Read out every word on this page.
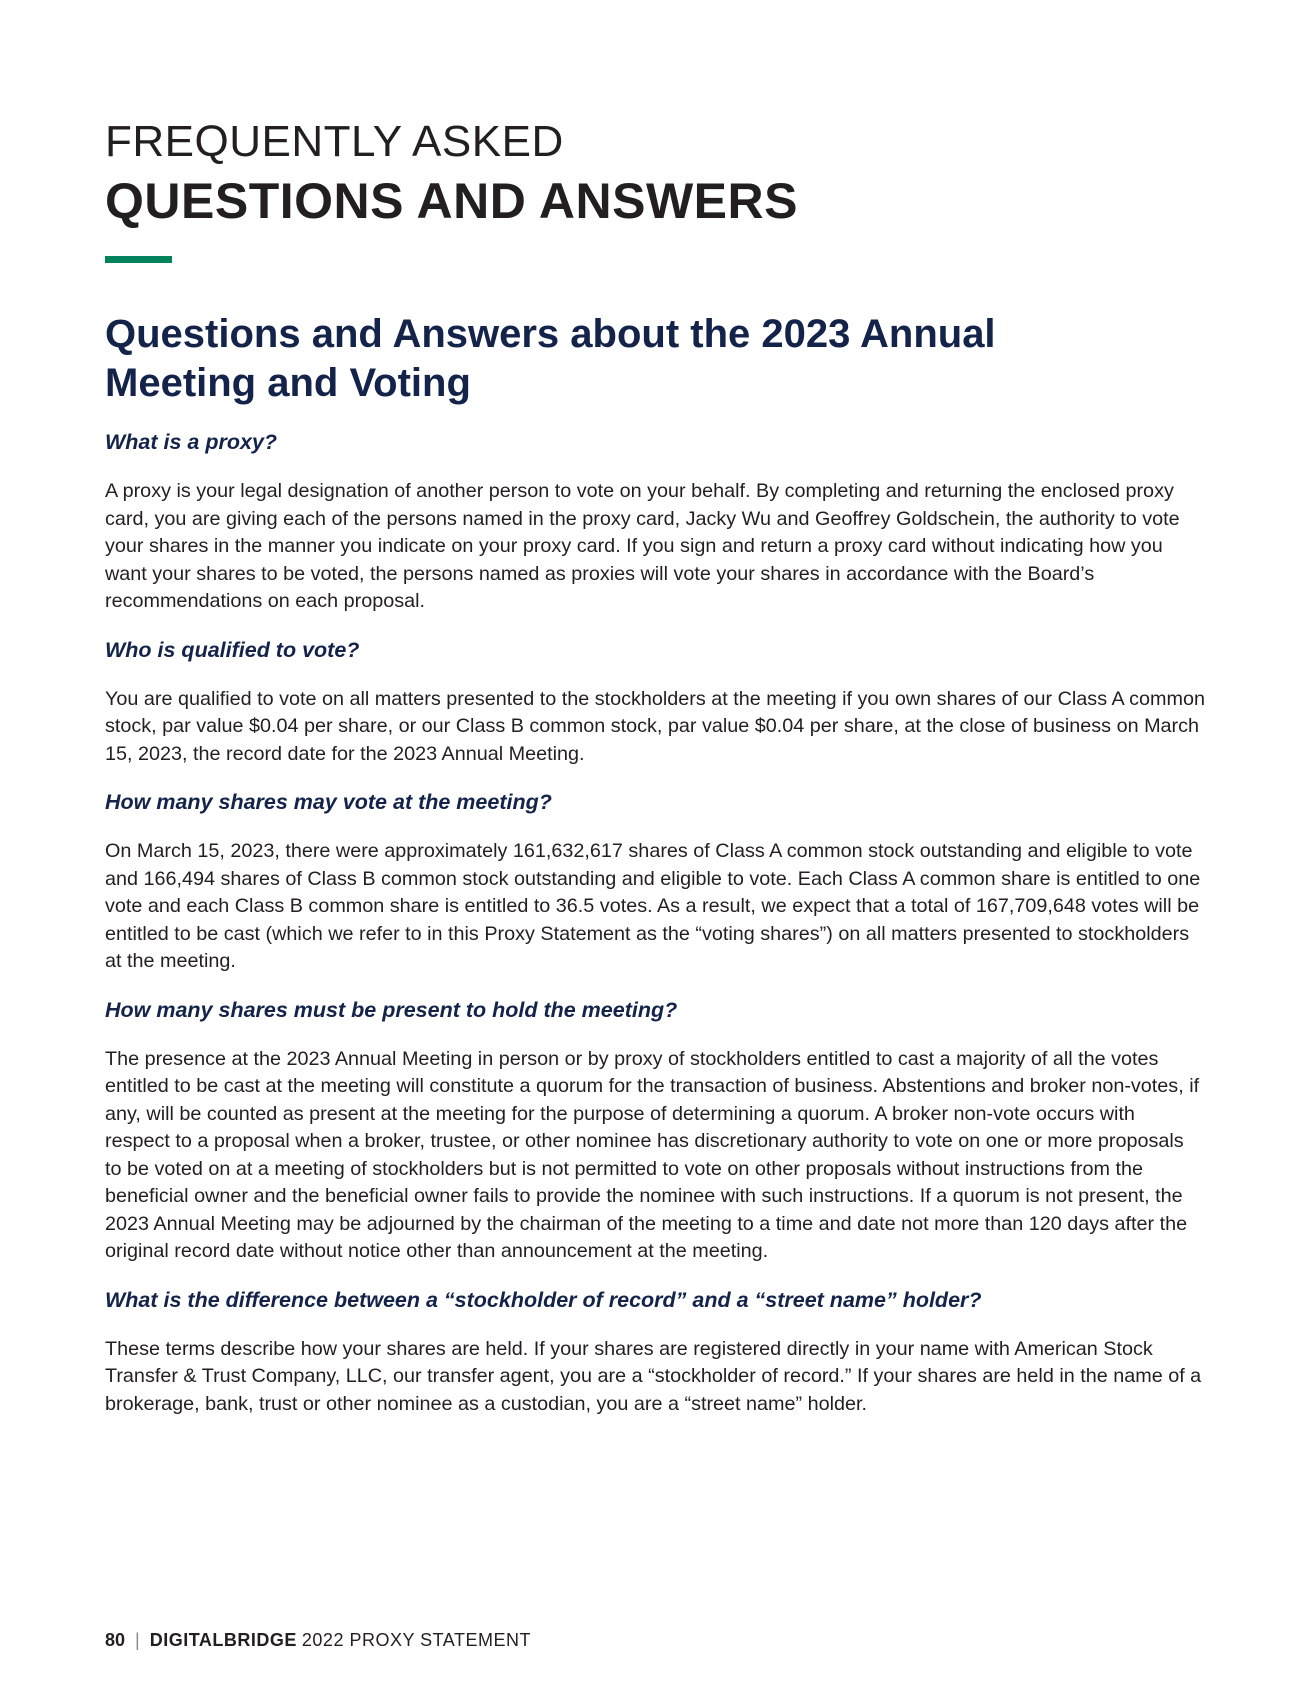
FREQUENTLY ASKED
QUESTIONS AND ANSWERS
Questions and Answers about the 2023 Annual Meeting and Voting
What is a proxy?

A proxy is your legal designation of another person to vote on your behalf. By completing and returning the enclosed proxy card, you are giving each of the persons named in the proxy card, Jacky Wu and Geoffrey Goldschein, the authority to vote your shares in the manner you indicate on your proxy card. If you sign and return a proxy card without indicating how you want your shares to be voted, the persons named as proxies will vote your shares in accordance with the Board’s recommendations on each proposal.

Who is qualified to vote?

You are qualified to vote on all matters presented to the stockholders at the meeting if you own shares of our Class A common stock, par value $0.04 per share, or our Class B common stock, par value $0.04 per share, at the close of business on March 15, 2023, the record date for the 2023 Annual Meeting.

How many shares may vote at the meeting?

On March 15, 2023, there were approximately 161,632,617 shares of Class A common stock outstanding and eligible to vote and 166,494 shares of Class B common stock outstanding and eligible to vote. Each Class A common share is entitled to one vote and each Class B common share is entitled to 36.5 votes. As a result, we expect that a total of 167,709,648 votes will be entitled to be cast (which we refer to in this Proxy Statement as the “voting shares”) on all matters presented to stockholders at the meeting.

How many shares must be present to hold the meeting?

The presence at the 2023 Annual Meeting in person or by proxy of stockholders entitled to cast a majority of all the votes entitled to be cast at the meeting will constitute a quorum for the transaction of business. Abstentions and broker non-votes, if any, will be counted as present at the meeting for the purpose of determining a quorum. A broker non-vote occurs with respect to a proposal when a broker, trustee, or other nominee has discretionary authority to vote on one or more proposals to be voted on at a meeting of stockholders but is not permitted to vote on other proposals without instructions from the beneficial owner and the beneficial owner fails to provide the nominee with such instructions. If a quorum is not present, the 2023 Annual Meeting may be adjourned by the chairman of the meeting to a time and date not more than 120 days after the original record date without notice other than announcement at the meeting.

What is the difference between a “stockholder of record” and a “street name” holder?

These terms describe how your shares are held. If your shares are registered directly in your name with American Stock Transfer & Trust Company, LLC, our transfer agent, you are a “stockholder of record.” If your shares are held in the name of a brokerage, bank, trust or other nominee as a custodian, you are a “street name” holder.

80 | DIGITALBRIDGE 2022 PROXY STATEMENT
